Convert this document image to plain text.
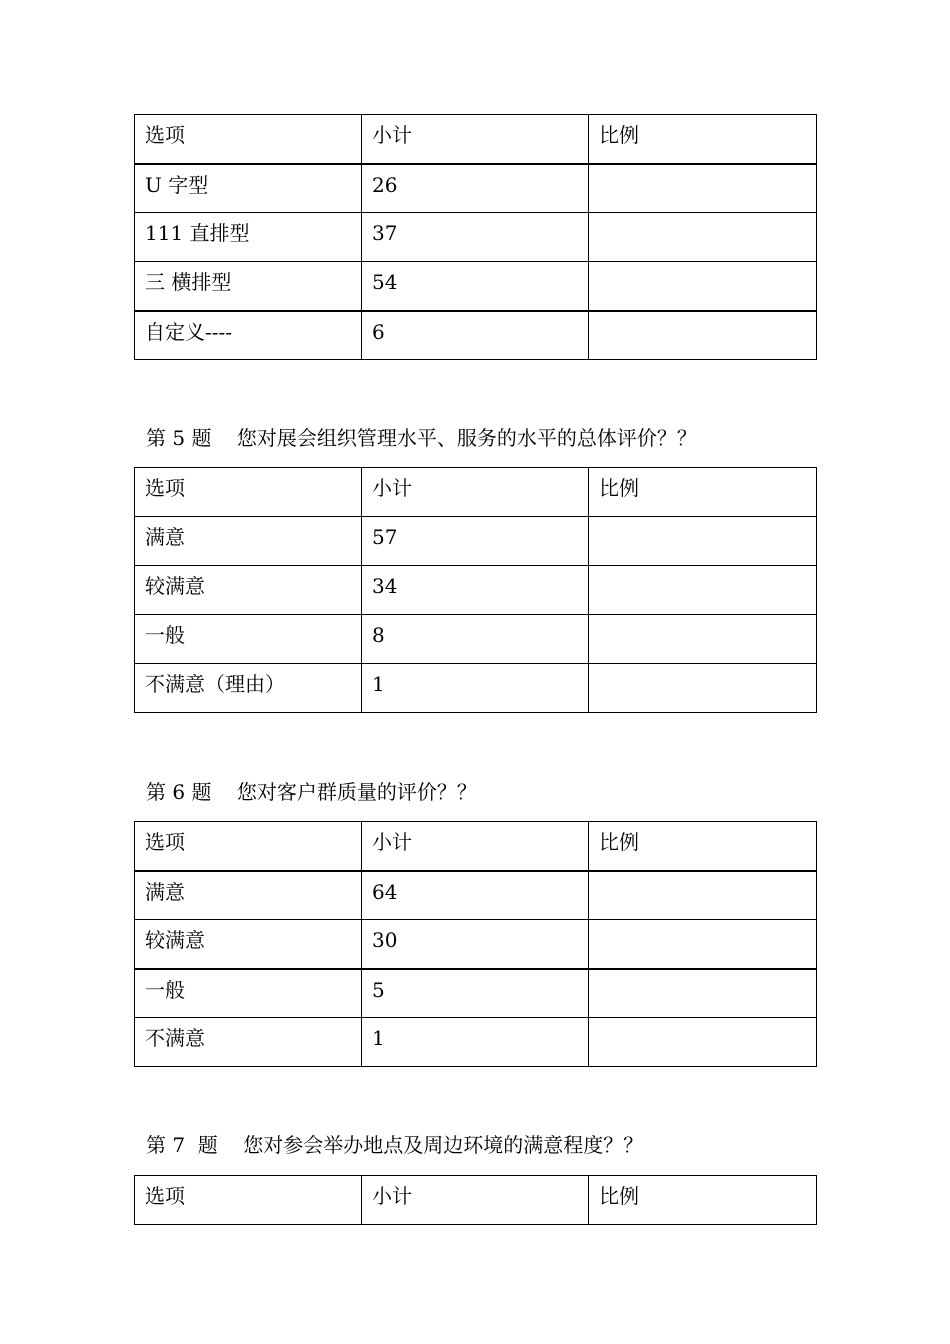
选项	小计	比例
U 字型	26	
111 直排型	37	
三 横排型	54	
自定义----	6	
第 5 题    您对展会组织管理水平、服务的水平的总体评价？？
选项	小计	比例
满意	57	
较满意	34	
一般	8	
不满意（理由）	1	
第 6 题    您对客户群质量的评价？？
选项	小计	比例
满意	64	
较满意	30	
一般	5	
不满意	1	
第 7  题    您对参会举办地点及周边环境的满意程度？？
选项	小计	比例
